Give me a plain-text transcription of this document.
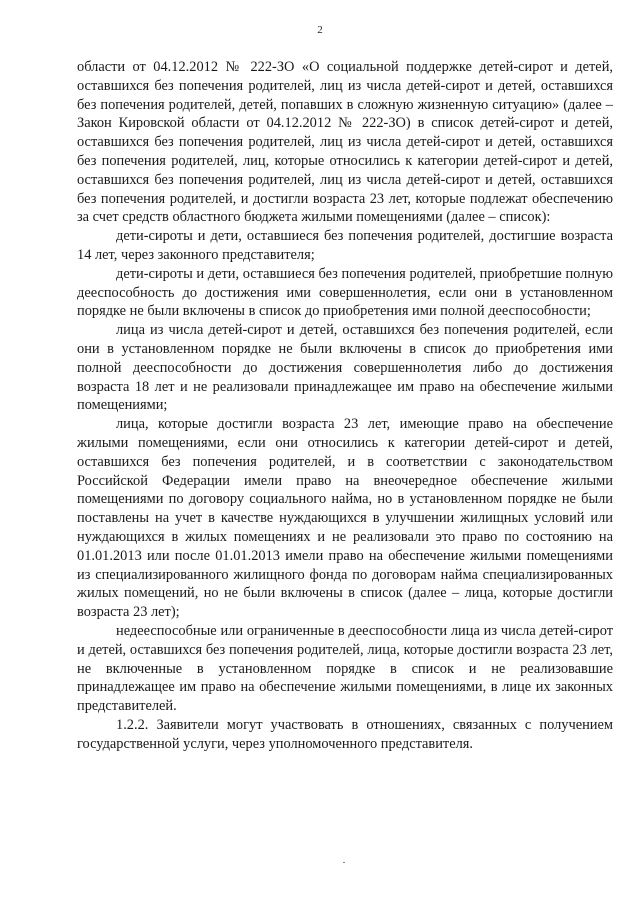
2

области от 04.12.2012 № 222-ЗО «О социальной поддержке детей-сирот и детей, оставшихся без попечения родителей, лиц из числа детей-сирот и детей, оставшихся без попечения родителей, детей, попавших в сложную жизненную ситуацию» (далее – Закон Кировской области от 04.12.2012 № 222-ЗО) в список детей-сирот и детей, оставшихся без попечения родителей, лиц из числа детей-сирот и детей, оставшихся без попечения родителей, лиц, которые относились к категории детей-сирот и детей, оставшихся без попечения родителей, лиц из числа детей-сирот и детей, оставшихся без попечения родителей, и достигли возраста 23 лет, которые подлежат обеспечению за счет средств областного бюджета жилыми помещениями (далее – список):

дети-сироты и дети, оставшиеся без попечения родителей, достигшие возраста 14 лет, через законного представителя;

дети-сироты и дети, оставшиеся без попечения родителей, приобретшие полную дееспособность до достижения ими совершеннолетия, если они в установленном порядке не были включены в список до приобретения ими полной дееспособности;

лица из числа детей-сирот и детей, оставшихся без попечения родителей, если они в установленном порядке не были включены в список до приобретения ими полной дееспособности до достижения совершеннолетия либо до достижения возраста 18 лет и не реализовали принадлежащее им право на обеспечение жилыми помещениями;

лица, которые достигли возраста 23 лет, имеющие право на обеспечение жилыми помещениями, если они относились к категории детей-сирот и детей, оставшихся без попечения родителей, и в соответствии с законодательством Российской Федерации имели право на внеочередное обеспечение жилыми помещениями по договору социального найма, но в установленном порядке не были поставлены на учет в качестве нуждающихся в улучшении жилищных условий или нуждающихся в жилых помещениях и не реализовали это право по состоянию на 01.01.2013 или после 01.01.2013 имели право на обеспечение жилыми помещениями из специализированного жилищного фонда по договорам найма специализированных жилых помещений, но не были включены в список (далее – лица, которые достигли возраста 23 лет);

недееспособные или ограниченные в дееспособности лица из числа детей-сирот и детей, оставшихся без попечения родителей, лица, которые достигли возраста 23 лет, не включенные в установленном порядке в список и не реализовавшие принадлежащее им право на обеспечение жилыми помещениями, в лице их законных представителей.

1.2.2. Заявители могут участвовать в отношениях, связанных с получением государственной услуги, через уполномоченного представителя.
